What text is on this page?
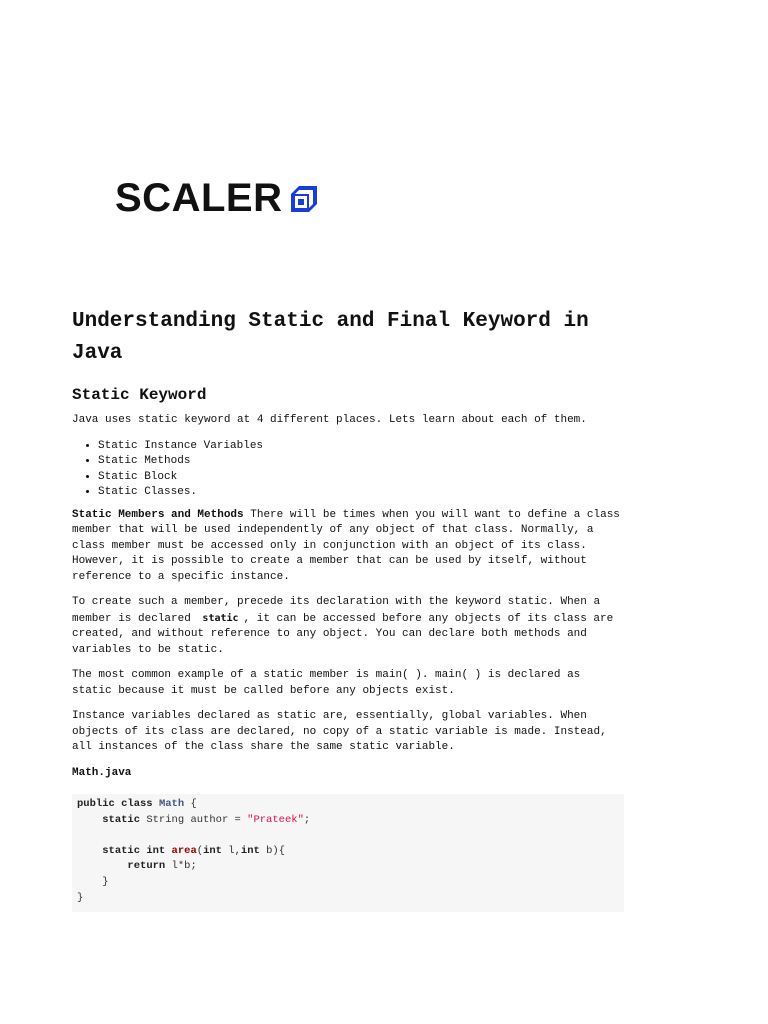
SCALER
Understanding Static and Final Keyword in Java
Static Keyword

Java uses static keyword at 4 different places. Lets learn about each of them.

• Static Instance Variables
• Static Methods
• Static Block
• Static Classes.

Static Members and Methods There will be times when you will want to define a class member that will be used independently of any object of that class. Normally, a class member must be accessed only in conjunction with an object of its class. However, it is possible to create a member that can be used by itself, without reference to a specific instance.

To create such a member, precede its declaration with the keyword static. When a member is declared static , it can be accessed before any objects of its class are created, and without reference to any object. You can declare both methods and variables to be static.

The most common example of a static member is main( ). main( ) is declared as static because it must be called before any objects exist.

Instance variables declared as static are, essentially, global variables. When objects of its class are declared, no copy of a static variable is made. Instead, all instances of the class share the same static variable.

Math.java

public class Math {
static String author = "Prateek";

static int area(int l,int b){
return l*b;
}
}
